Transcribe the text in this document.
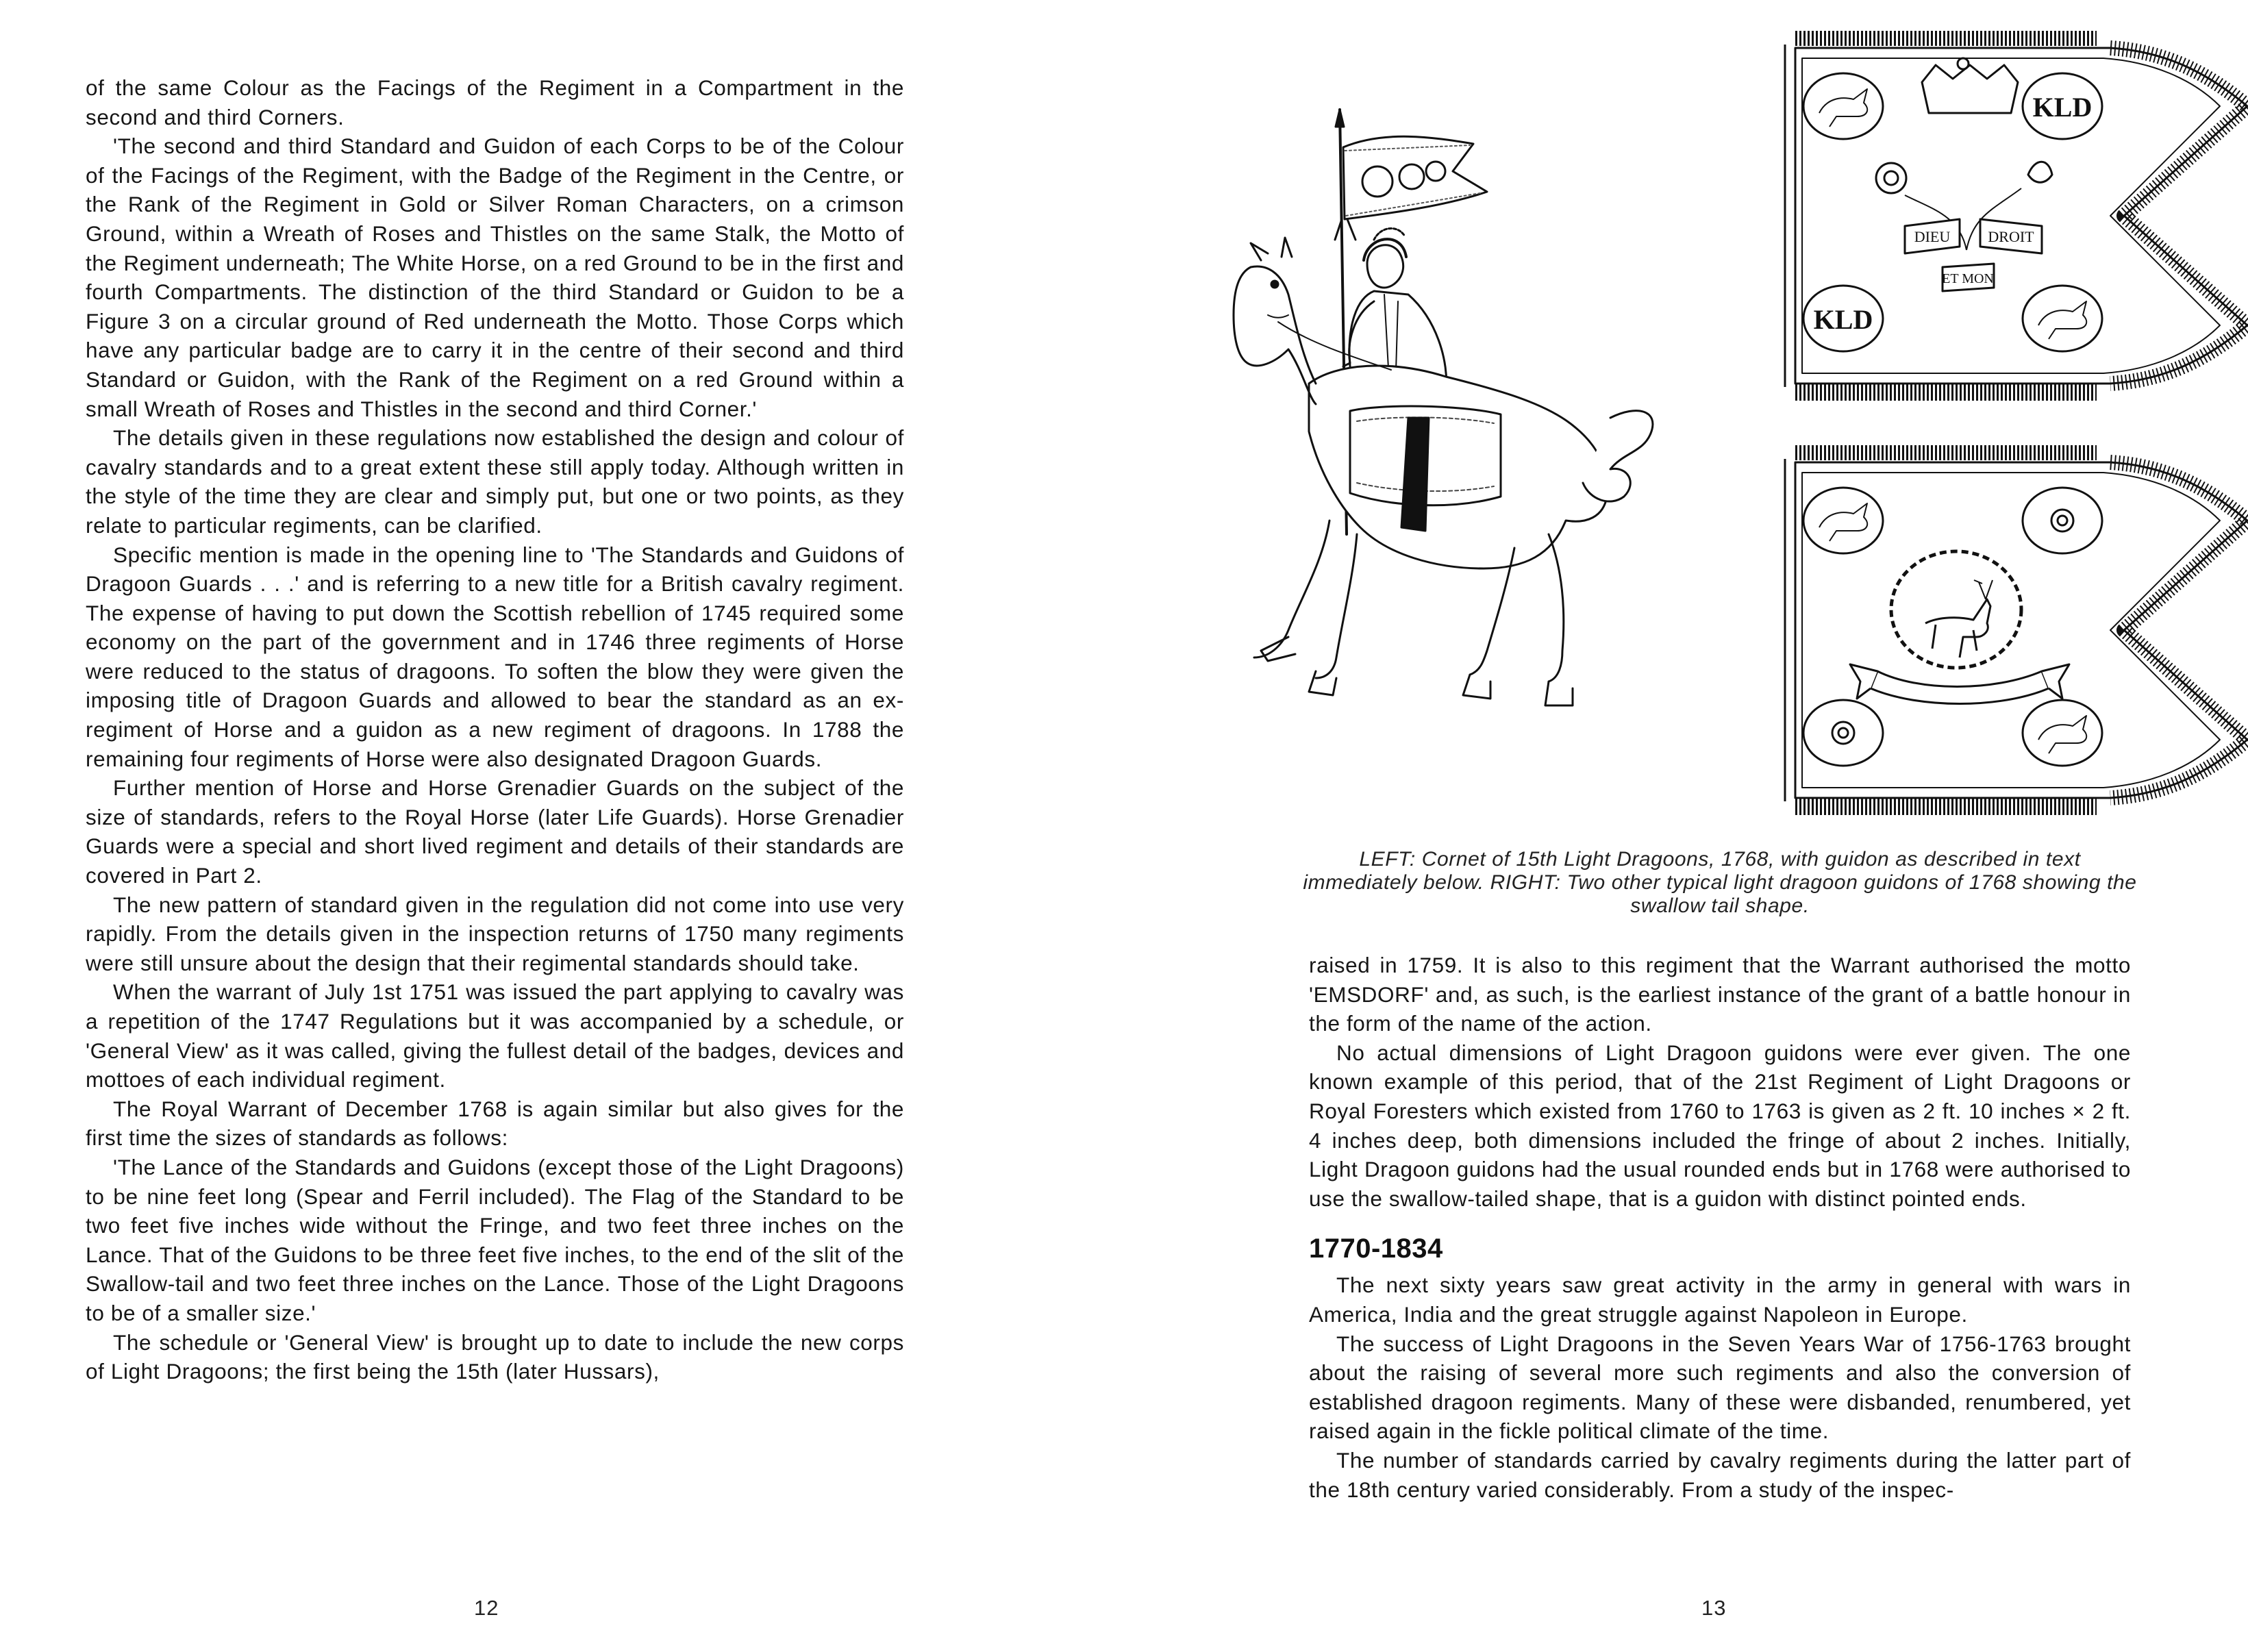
of the same Colour as the Facings of the Regiment in a Compartment in the second and third Corners.

'The second and third Standard and Guidon of each Corps to be of the Colour of the Facings of the Regiment, with the Badge of the Regiment in the Centre, or the Rank of the Regiment in Gold or Silver Roman Characters, on a crimson Ground, within a Wreath of Roses and Thistles on the same Stalk, the Motto of the Regiment underneath; The White Horse, on a red Ground to be in the first and fourth Compartments. The distinction of the third Standard or Guidon to be a Figure 3 on a circular ground of Red underneath the Motto. Those Corps which have any particular badge are to carry it in the centre of their second and third Standard or Guidon, with the Rank of the Regiment on a red Ground within a small Wreath of Roses and Thistles in the second and third Corner.'

The details given in these regulations now established the design and colour of cavalry standards and to a great extent these still apply today. Although written in the style of the time they are clear and simply put, but one or two points, as they relate to particular regiments, can be clarified.

Specific mention is made in the opening line to 'The Standards and Guidons of Dragoon Guards . . .' and is referring to a new title for a British cavalry regiment. The expense of having to put down the Scottish rebellion of 1745 required some economy on the part of the government and in 1746 three regiments of Horse were reduced to the status of dragoons. To soften the blow they were given the imposing title of Dragoon Guards and allowed to bear the standard as an ex-regiment of Horse and a guidon as a new regiment of dragoons. In 1788 the remaining four regiments of Horse were also designated Dragoon Guards.

Further mention of Horse and Horse Grenadier Guards on the subject of the size of standards, refers to the Royal Horse (later Life Guards). Horse Grenadier Guards were a special and short lived regiment and details of their standards are covered in Part 2.

The new pattern of standard given in the regulation did not come into use very rapidly. From the details given in the inspection returns of 1750 many regiments were still unsure about the design that their regimental standards should take.

When the warrant of July 1st 1751 was issued the part applying to cavalry was a repetition of the 1747 Regulations but it was accompanied by a schedule, or 'General View' as it was called, giving the fullest detail of the badges, devices and mottoes of each individual regiment.

The Royal Warrant of December 1768 is again similar but also gives for the first time the sizes of standards as follows:

'The Lance of the Standards and Guidons (except those of the Light Dragoons) to be nine feet long (Spear and Ferril included). The Flag of the Standard to be two feet five inches wide without the Fringe, and two feet three inches on the Lance. That of the Guidons to be three feet five inches, to the end of the slit of the Swallow-tail and two feet three inches on the Lance. Those of the Light Dragoons to be of a smaller size.'

The schedule or 'General View' is brought up to date to include the new corps of Light Dragoons; the first being the 15th (later Hussars),

12
KLD
KLD
DIEU	DROIT
ET MON
LEFT: Cornet of 15th Light Dragoons, 1768, with guidon as described in text immediately below. RIGHT: Two other typical light dragoon guidons of 1768 showing the swallow tail shape.

raised in 1759. It is also to this regiment that the Warrant authorised the motto 'EMSDORF' and, as such, is the earliest instance of the grant of a battle honour in the form of the name of the action.

No actual dimensions of Light Dragoon guidons were ever given. The one known example of this period, that of the 21st Regiment of Light Dragoons or Royal Foresters which existed from 1760 to 1763 is given as 2 ft. 10 inches × 2 ft. 4 inches deep, both dimensions included the fringe of about 2 inches. Initially, Light Dragoon guidons had the usual rounded ends but in 1768 were authorised to use the swallow-tailed shape, that is a guidon with distinct pointed ends.

1770-1834

The next sixty years saw great activity in the army in general with wars in America, India and the great struggle against Napoleon in Europe.

The success of Light Dragoons in the Seven Years War of 1756-1763 brought about the raising of several more such regiments and also the conversion of established dragoon regiments. Many of these were disbanded, renumbered, yet raised again in the fickle political climate of the time.

The number of standards carried by cavalry regiments during the latter part of the 18th century varied considerably. From a study of the inspec-

13
